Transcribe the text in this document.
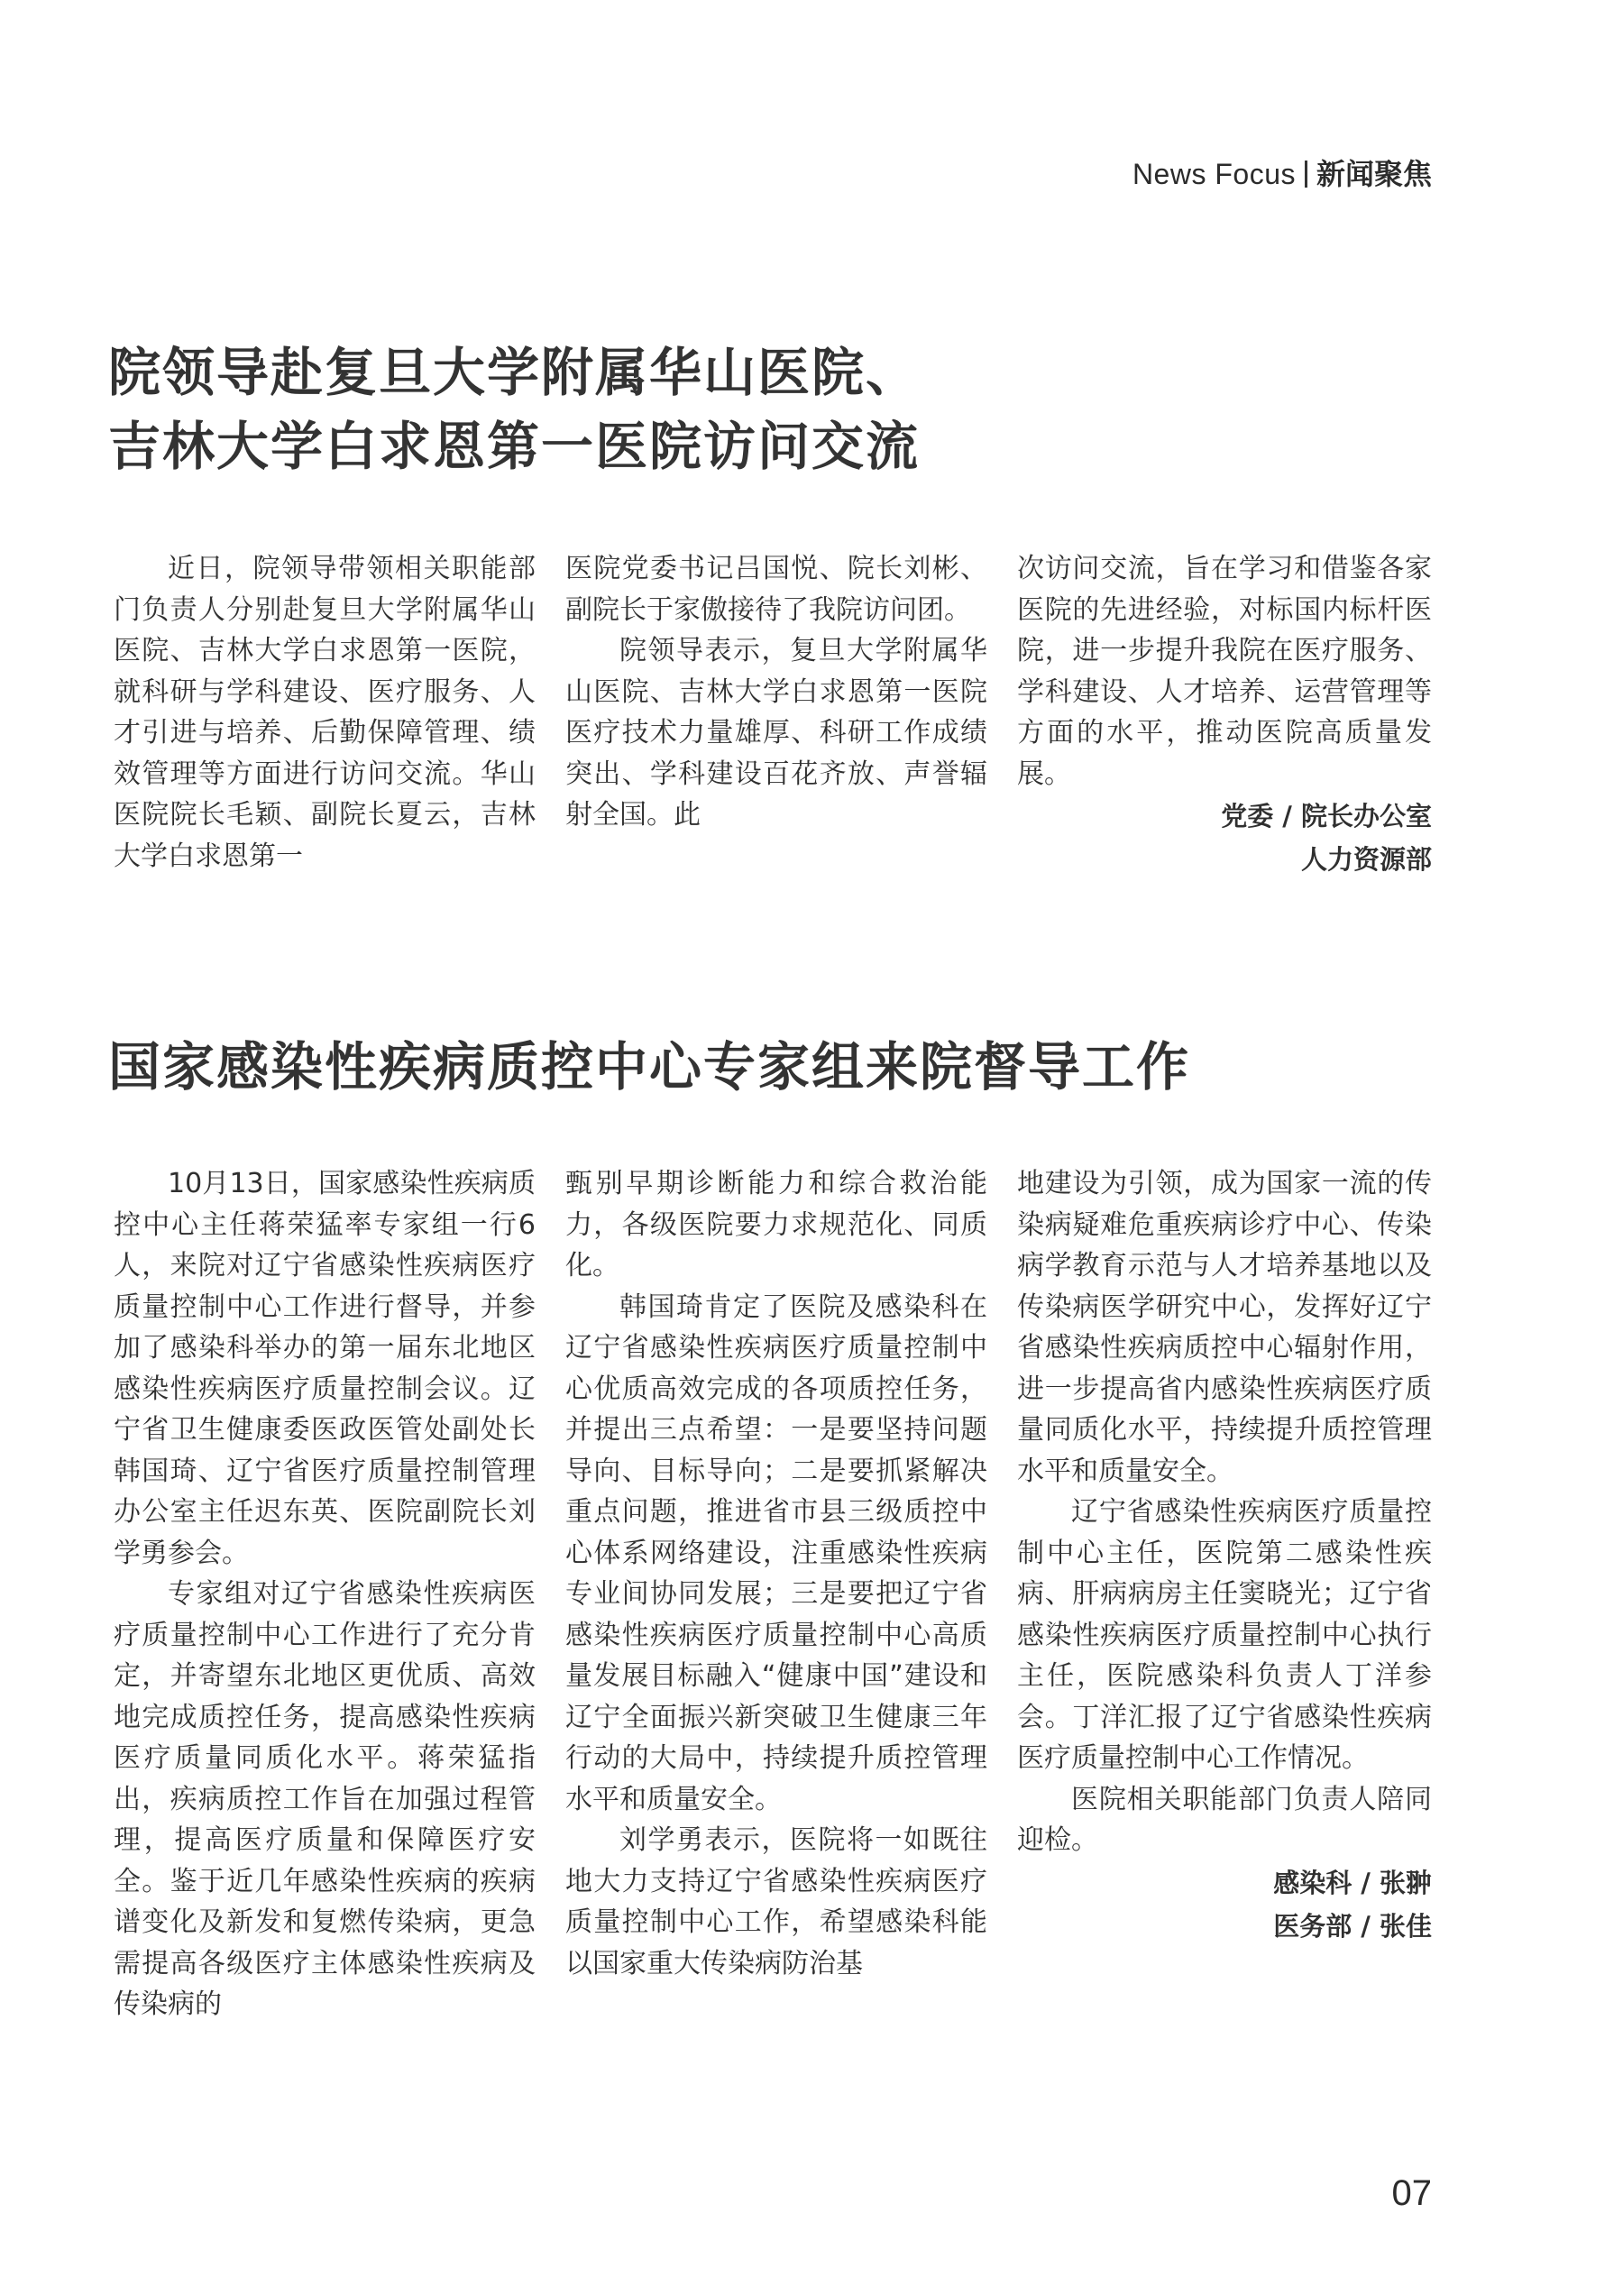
News Focus 新闻聚焦
院领导赴复旦大学附属华山医院、
吉林大学白求恩第一医院访问交流

近日，院领导带领相关职能部门负责人分别赴复旦大学附属华山医院、吉林大学白求恩第一医院，就科研与学科建设、医疗服务、人才引进与培养、后勤保障管理、绩效管理等方面进行访问交流。华山医院院长毛颖、副院长夏云，吉林大学白求恩第一

医院党委书记吕国悦、院长刘彬、副院长于家傲接待了我院访问团。

院领导表示，复旦大学附属华山医院、吉林大学白求恩第一医院医疗技术力量雄厚、科研工作成绩突出、学科建设百花齐放、声誉辐射全国。此

次访问交流，旨在学习和借鉴各家医院的先进经验，对标国内标杆医院，进一步提升我院在医疗服务、学科建设、人才培养、运营管理等方面的水平，推动医院高质量发展。

党委 / 院长办公室

人力资源部

国家感染性疾病质控中心专家组来院督导工作

10月13日，国家感染性疾病质控中心主任蒋荣猛率专家组一行6人，来院对辽宁省感染性疾病医疗质量控制中心工作进行督导，并参加了感染科举办的第一届东北地区感染性疾病医疗质量控制会议。辽宁省卫生健康委医政医管处副处长韩国琦、辽宁省医疗质量控制管理办公室主任迟东英、医院副院长刘学勇参会。

专家组对辽宁省感染性疾病医疗质量控制中心工作进行了充分肯定，并寄望东北地区更优质、高效地完成质控任务，提高感染性疾病医疗质量同质化水平。蒋荣猛指出，疾病质控工作旨在加强过程管理，提高医疗质量和保障医疗安全。鉴于近几年感染性疾病的疾病谱变化及新发和复燃传染病，更急需提高各级医疗主体感染性疾病及传染病的

甄别早期诊断能力和综合救治能力，各级医院要力求规范化、同质化。

韩国琦肯定了医院及感染科在辽宁省感染性疾病医疗质量控制中心优质高效完成的各项质控任务，并提出三点希望：一是要坚持问题导向、目标导向；二是要抓紧解决重点问题，推进省市县三级质控中心体系网络建设，注重感染性疾病专业间协同发展；三是要把辽宁省感染性疾病医疗质量控制中心高质量发展目标融入“健康中国”建设和辽宁全面振兴新突破卫生健康三年行动的大局中，持续提升质控管理水平和质量安全。

刘学勇表示，医院将一如既往地大力支持辽宁省感染性疾病医疗质量控制中心工作，希望感染科能以国家重大传染病防治基

地建设为引领，成为国家一流的传染病疑难危重疾病诊疗中心、传染病学教育示范与人才培养基地以及传染病医学研究中心，发挥好辽宁省感染性疾病质控中心辐射作用，进一步提高省内感染性疾病医疗质量同质化水平，持续提升质控管理水平和质量安全。

辽宁省感染性疾病医疗质量控制中心主任，医院第二感染性疾病、肝病病房主任窦晓光；辽宁省感染性疾病医疗质量控制中心执行主任，医院感染科负责人丁洋参会。丁洋汇报了辽宁省感染性疾病医疗质量控制中心工作情况。

医院相关职能部门负责人陪同迎检。

感染科 / 张翀

医务部 / 张佳

07
